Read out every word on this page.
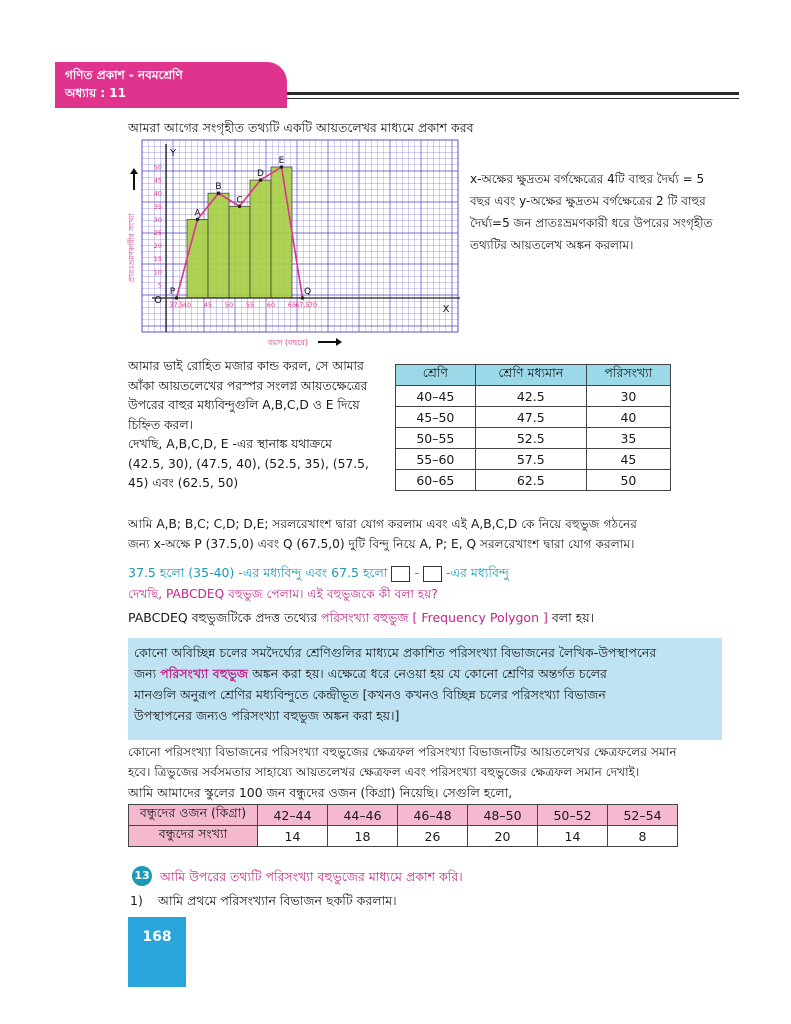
গণিত প্রকাশ - নবমশ্রেণি
অধ্যায় : 11
আমরা আগের সংগৃহীত তথ্যটি একটি আয়তলেখর মাধ্যমে প্রকাশ করব
5
10
15
20
25
30
35
40
45
50
37.5 40 45 50 55 60 65 67.5 70
P
A
B
C
D
E
Q
Y
X
O
বয়স (বছরে)
প্রাতঃভ্রমণকারীর সংখ্যা
x-অক্ষের ক্ষুদ্রতম বর্গক্ষেত্রের 4টি বাহুর দৈর্ঘ্য = 5 বছর এবং y-অক্ষের ক্ষুদ্রতম বর্গক্ষেত্রের 2 টি বাহুর দৈর্ঘ্য=5 জন প্রাতঃভ্রমণকারী ধরে উপরের সংগৃহীত তথ্যটির আয়তলেখ অঙ্কন করলাম।
আমার ভাই রোহিত মজার কান্ড করল, সে আমার
আঁকা আয়তলেখের পরস্পর সংলগ্ন আয়তক্ষেত্রের
উপরের বাহুর মধ্যবিন্দুগুলি A,B,C,D ও E দিয়ে
চিহ্নিত করল।
দেখছি, A,B,C,D, E -এর স্থানাঙ্ক যথাক্রমে
(42.5, 30), (47.5, 40), (52.5, 35), (57.5,
45) এবং (62.5, 50)
শ্রেণি	শ্রেণি মধ্যমান	পরিসংখ্যা
40–45	42.5	30
45–50	47.5	40
50–55	52.5	35
55–60	57.5	45
60–65	62.5	50
আমি A,B; B,C; C,D; D,E; সরলরেখাংশ দ্বারা যোগ করলাম এবং এই A,B,C,D কে নিয়ে বহুভুজ গঠনের
জন্য x-অক্ষে P (37.5,0) এবং Q (67.5,0) দুটি বিন্দু নিয়ে A, P; E, Q সরলরেখাংশ দ্বারা যোগ করলাম।
37.5 হলো (35-40) -এর মধ্যবিন্দু এবং 67.5 হলো - -এর মধ্যবিন্দু
দেখছি, PABCDEQ বহুভুজ পেলাম। এই বহুভুজকে কী বলা হয়?
PABCDEQ বহুভুজটিকে প্রদত্ত তথ্যের পরিসংখ্যা বহুভুজ [ Frequency Polygon ] বলা হয়।
কোনো অবিচ্ছিন্ন চলের সমদৈর্ঘ্যের শ্রেণিগুলির মাধ্যমে প্রকাশিত পরিসংখ্যা বিভাজনের লৈখিক-উপস্থাপনের
জন্য পরিসংখ্যা বহুভুজ অঙ্কন করা হয়। এক্ষেত্রে ধরে নেওয়া হয় যে কোনো শ্রেণির অন্তর্গত চলের
মানগুলি অনুরূপ শ্রেণির মধ্যবিন্দুতে কেন্দ্রীভূত [কখনও কখনও বিচ্ছিন্ন চলের পরিসংখ্যা বিভাজন
উপস্থাপনের জন্যও পরিসংখ্যা বহুভুজ অঙ্কন করা হয়।]
কোনো পরিসংখ্যা বিভাজনের পরিসংখ্যা বহুভুজের ক্ষেত্রফল পরিসংখ্যা বিভাজনটির আয়তলেখর ক্ষেত্রফলের সমান
হবে। ত্রিভুজের সর্বসমতার সাহায্যে আয়তলেখর ক্ষেত্রফল এবং পরিসংখ্যা বহুভুজের ক্ষেত্রফল সমান দেখাই।
আমি আমাদের স্কুলের 100 জন বন্ধুদের ওজন (কিগ্রা) নিয়েছি। সেগুলি হলো,
বন্ধুদের ওজন (কিগ্রা)	42–44	44–46	46–48	48–50	50–52	52–54
বন্ধুদের সংখ্যা	14	18	26	20	14	8
13 আমি উপরের তথ্যটি পরিসংখ্যা বহুভুজের মাধ্যমে প্রকাশ করি।
1) আমি প্রথমে পরিসংখ্যান বিভাজন ছকটি করলাম।
168
